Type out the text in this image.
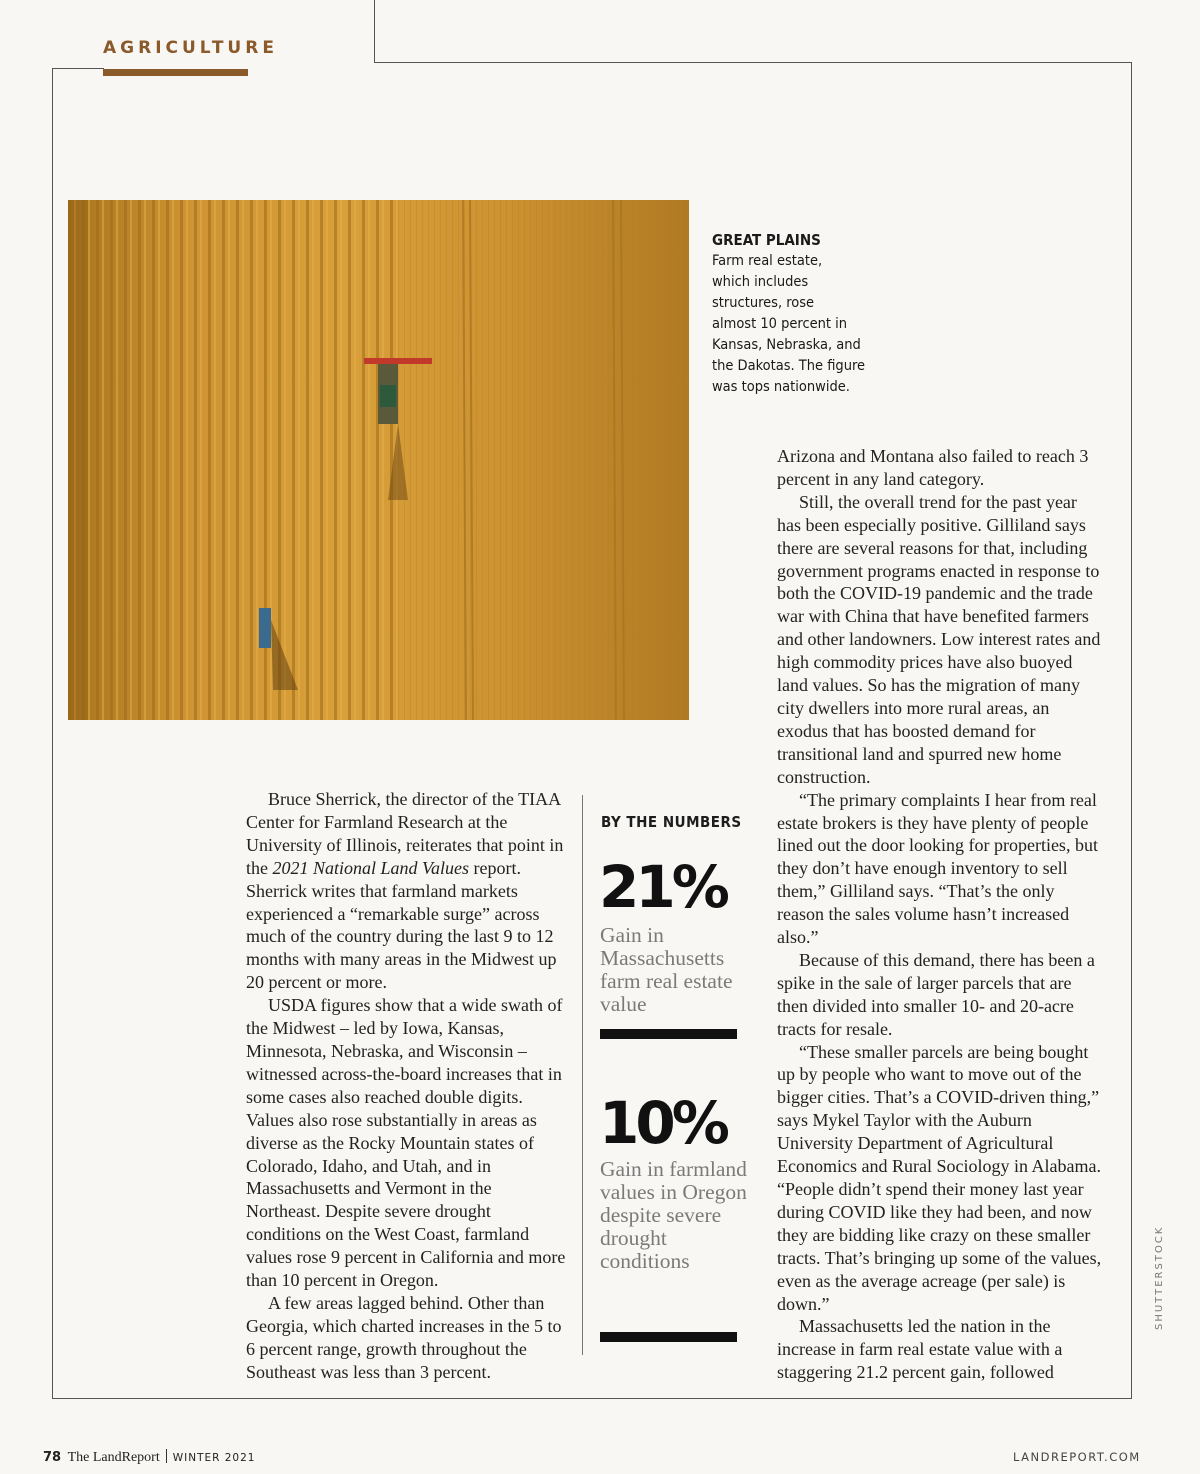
AGRICULTURE
SHUTTERSTOCK
GREAT PLAINS
Farm real estate,
which includes
structures, rose
almost 10 percent in
Kansas, Nebraska, and
the Dakotas. The figure
was tops nationwide.

Arizona and Montana also failed to reach 3 percent in any land category.

Still, the overall trend for the past year has been especially positive. Gilliland says there are several reasons for that, including government programs enacted in response to both the COVID-19 pandemic and the trade war with China that have benefited farmers and other landowners. Low interest rates and high commodity prices have also buoyed land values. So has the migration of many city dwellers into more rural areas, an exodus that has boosted demand for transitional land and spurred new home construction.

“The primary complaints I hear from real estate brokers is they have plenty of people lined out the door looking for properties, but they don’t have enough inventory to sell them,” Gilliland says. “That’s the only reason the sales volume hasn’t increased also.”

Because of this demand, there has been a spike in the sale of larger parcels that are then divided into smaller 10- and 20-acre tracts for resale.

“These smaller parcels are being bought up by people who want to move out of the bigger cities. That’s a COVID-driven thing,” says Mykel Taylor with the Auburn University Department of Agricultural Economics and Rural Sociology in Alabama. “People didn’t spend their money last year during COVID like they had been, and now they are bidding like crazy on these smaller tracts. That’s bringing up some of the values, even as the average acreage (per sale) is down.”

Massachusetts led the nation in the increase in farm real estate value with a staggering 21.2 percent gain, followed

Bruce Sherrick, the director of the TIAA Center for Farmland Research at the University of Illinois, reiterates that point in the 2021 National Land Values report. Sherrick writes that farmland markets experienced a “remarkable surge” across much of the country during the last 9 to 12 months with many areas in the Midwest up 20 percent or more.

USDA figures show that a wide swath of the Midwest – led by Iowa, Kansas, Minnesota, Nebraska, and Wisconsin – witnessed across-the-board increases that in some cases also reached double digits. Values also rose substantially in areas as diverse as the Rocky Mountain states of Colorado, Idaho, and Utah, and in Massachusetts and Vermont in the Northeast. Despite severe drought conditions on the West Coast, farmland values rose 9 percent in California and more than 10 percent in Oregon.

A few areas lagged behind. Other than Georgia, which charted increases in the 5 to 6 percent range, growth throughout the Southeast was less than 3 percent.

BY THE NUMBERS
21%
Gain in Massachusetts farm real estate value
10%
Gain in farmland values in Oregon despite severe drought conditions
78 The LandReport WINTER 2021	LANDREPORT.COM
